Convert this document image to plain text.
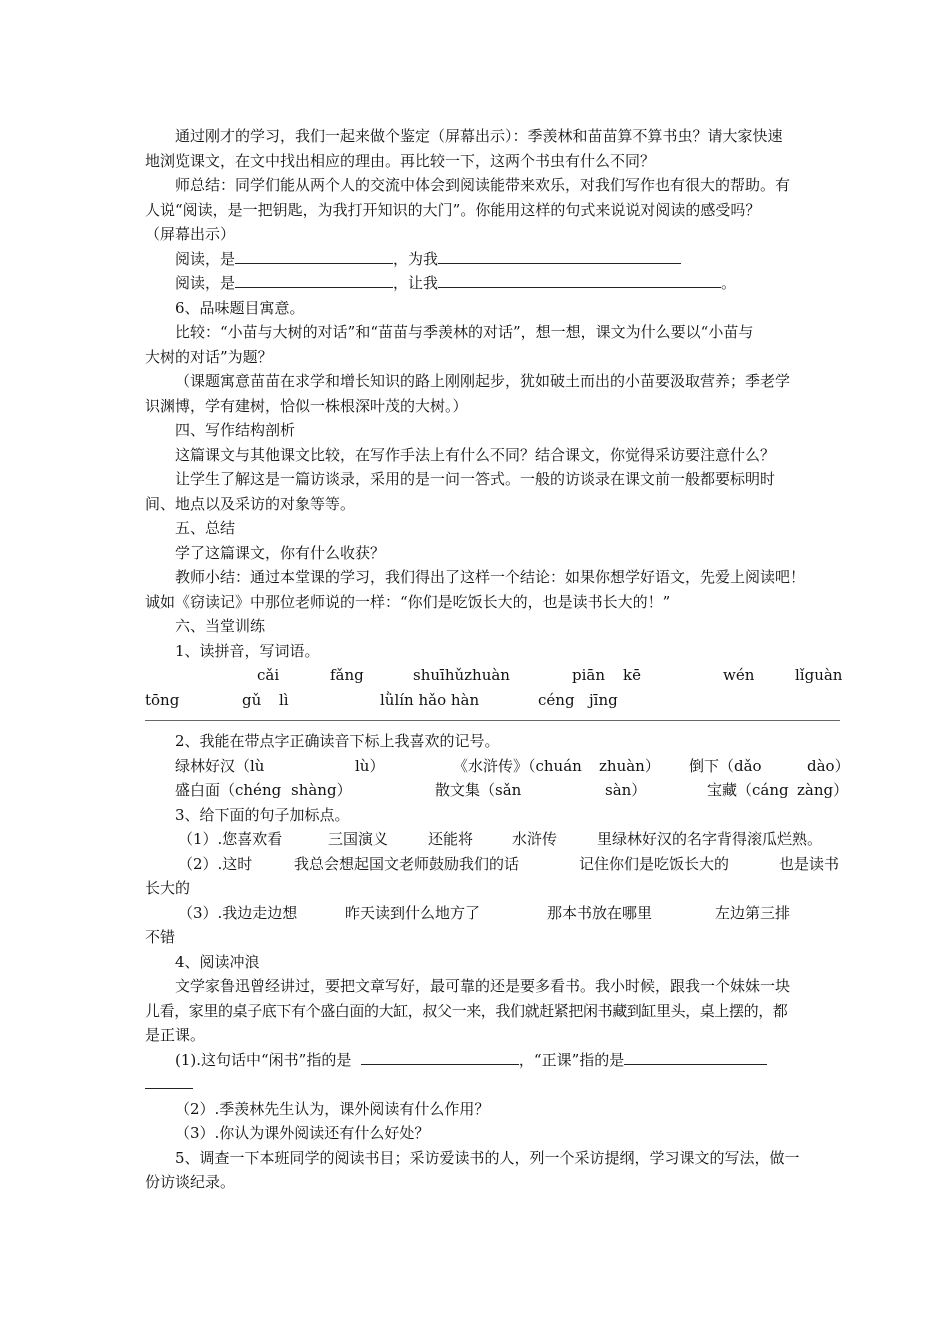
通过刚才的学习，我们一起来做个鉴定（屏幕出示）：季羡林和苗苗算不算书虫？请大家快速
地浏览课文，在文中找出相应的理由。再比较一下，这两个书虫有什么不同？
师总结：同学们能从两个人的交流中体会到阅读能带来欢乐，对我们写作也有很大的帮助。有
人说“阅读，是一把钥匙，为我打开知识的大门”。你能用这样的句式来说说对阅读的感受吗？
（屏幕出示）
阅读，是	，为我
阅读，是	，让我	。
6、品味题目寓意。
比较：“小苗与大树的对话”和“苗苗与季羡林的对话”，想一想，课文为什么要以“小苗与
大树的对话”为题？
（课题寓意苗苗在求学和增长知识的路上刚刚起步，犹如破土而出的小苗要汲取营养；季老学
识渊博，学有建树，恰似一株根深叶茂的大树。）
四、写作结构剖析
这篇课文与其他课文比较，在写作手法上有什么不同？结合课文，你觉得采访要注意什么？
让学生了解这是一篇访谈录，采用的是一问一答式。一般的访谈录在课文前一般都要标明时
间、地点以及采访的对象等等。
五、总结
学了这篇课文，你有什么收获？
教师小结：通过本堂课的学习，我们得出了这样一个结论：如果你想学好语文，先爱上阅读吧！
诚如《窃读记》中那位老师说的一样：“你们是吃饭长大的，也是读书长大的！”
六、当堂训练
1、读拼音，写词语。
cǎi	fǎng	shuīhǔzhuàn	piān kē	wén	lǐguàn
tōng	gǔ lì	lǜlín hǎo hàn	céng jīng
2、我能在带点字正确读音下标上我喜欢的记号。
绿林好汉（lù	lù）	《水浒传》（chuán zhuàn） 倒下（dǎo	dào）
盛白面（chéng shàng）	散文集（sǎn	sàn）	宝藏（cáng zàng）
3、给下面的句子加标点。
（1）.您喜欢看	三国演义	还能将	水浒传	里绿林好汉的名字背得滚瓜烂熟。
（2）.这时	我总会想起国文老师鼓励我们的话	记住你们是吃饭长大的	也是读书
长大的
（3）.我边走边想	昨天读到什么地方了	那本书放在哪里	左边第三排
不错
4、阅读冲浪
文学家鲁迅曾经讲过，要把文章写好，最可靠的还是要多看书。我小时候，跟我一个妹妹一块
儿看，家里的桌子底下有个盛白面的大缸，叔父一来，我们就赶紧把闲书藏到缸里头，桌上摆的，都
是正课。
(1).这句话中“闲书”指的是	，“正课”指的是
（2）.季羡林先生认为，课外阅读有什么作用？
（3）.你认为课外阅读还有什么好处？
5、调查一下本班同学的阅读书目；采访爱读书的人，列一个采访提纲，学习课文的写法，做一
份访谈纪录。
